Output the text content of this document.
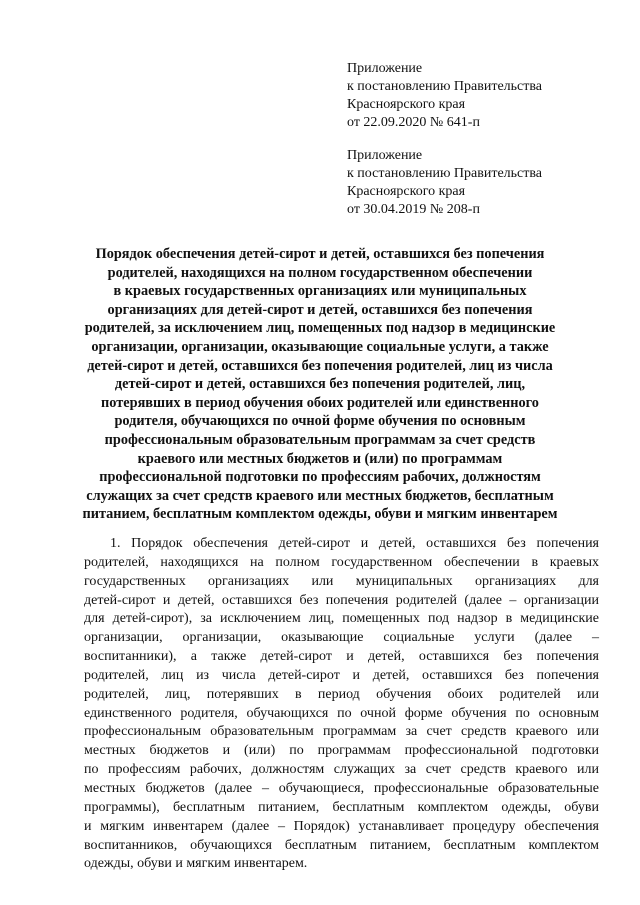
Приложение
к постановлению Правительства
Красноярского края
от 22.09.2020 № 641-п
Приложение
к постановлению Правительства
Красноярского края
от 30.04.2019 № 208-п
Порядок обеспечения детей-сирот и детей, оставшихся без попечения
родителей, находящихся на полном государственном обеспечении
в краевых государственных организациях или муниципальных
организациях для детей-сирот и детей, оставшихся без попечения
родителей, за исключением лиц, помещенных под надзор в медицинские
организации, организации, оказывающие социальные услуги, а также
детей-сирот и детей, оставшихся без попечения родителей, лиц из числа
детей-сирот и детей, оставшихся без попечения родителей, лиц,
потерявших в период обучения обоих родителей или единственного
родителя, обучающихся по очной форме обучения по основным
профессиональным образовательным программам за счет средств
краевого или местных бюджетов и (или) по программам
профессиональной подготовки по профессиям рабочих, должностям
служащих за счет средств краевого или местных бюджетов, бесплатным
питанием, бесплатным комплектом одежды, обуви и мягким инвентарем
1. Порядок обеспечения детей-сирот и детей, оставшихся без попечения
родителей, находящихся на полном государственном обеспечении в краевых
государственных организациях или муниципальных организациях для
детей-сирот и детей, оставшихся без попечения родителей (далее – организации
для детей-сирот), за исключением лиц, помещенных под надзор в медицинские
организации, организации, оказывающие социальные услуги (далее –
воспитанники), а также детей-сирот и детей, оставшихся без попечения
родителей, лиц из числа детей-сирот и детей, оставшихся без попечения
родителей, лиц, потерявших в период обучения обоих родителей или
единственного родителя, обучающихся по очной форме обучения по основным
профессиональным образовательным программам за счет средств краевого или
местных бюджетов и (или) по программам профессиональной подготовки
по профессиям рабочих, должностям служащих за счет средств краевого или
местных бюджетов (далее – обучающиеся, профессиональные образовательные
программы), бесплатным питанием, бесплатным комплектом одежды, обуви
и мягким инвентарем (далее – Порядок) устанавливает процедуру обеспечения
воспитанников, обучающихся бесплатным питанием, бесплатным комплектом
одежды, обуви и мягким инвентарем.
